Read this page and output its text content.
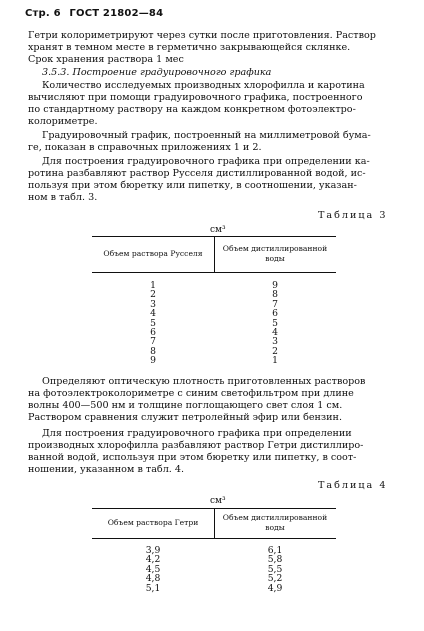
Стр. 6 ГОСТ 21802—84
Гетри колориметрируют через сутки после приготовления. Раствор
хранят в темном месте в герметично закрывающейся склянке.
Срок хранения раствора 1 мес
3.5.3. Построение градуировочного графика
Количество исследуемых производных хлорофилла и каротина
вычисляют при помощи градуировочного графика, построенного
по стандартному раствору на каждом конкретном фотоэлектро-
колориметре.
Градуировочный график, построенный на миллиметровой бума-
ге, показан в справочных приложениях 1 и 2.
Для построения градуировочного графика при определении ка-
ротина разбавляют раствор Русселя дистиллированной водой, ис-
пользуя при этом бюретку или пипетку, в соотношении, указан-
ном в табл. 3.
Таблица 3
см³
Объем раствора Русселя
Объем дистиллированной
воды
1
2
3
4
5
6
7
8
9
9
8
7
6
5
4
3
2
1
Определяют оптическую плотность приготовленных растворов
на фотоэлектроколориметре с синим светофильтром при длине
волны 400—500 нм и толщине поглощающего свет слоя 1 см.
Раствором сравнения служит петролейный эфир или бензин.
Для построения градуировочного графика при определении
производных хлорофилла разбавляют раствор Гетри дистиллиро-
ванной водой, используя при этом бюретку или пипетку, в соот-
ношении, указанном в табл. 4.
Таблица 4
см³
Объем раствора Гетри
Объем дистиллированной
воды
3,9
4,2
4,5
4,8
5,1
6,1
5,8
5,5
5,2
4,9
